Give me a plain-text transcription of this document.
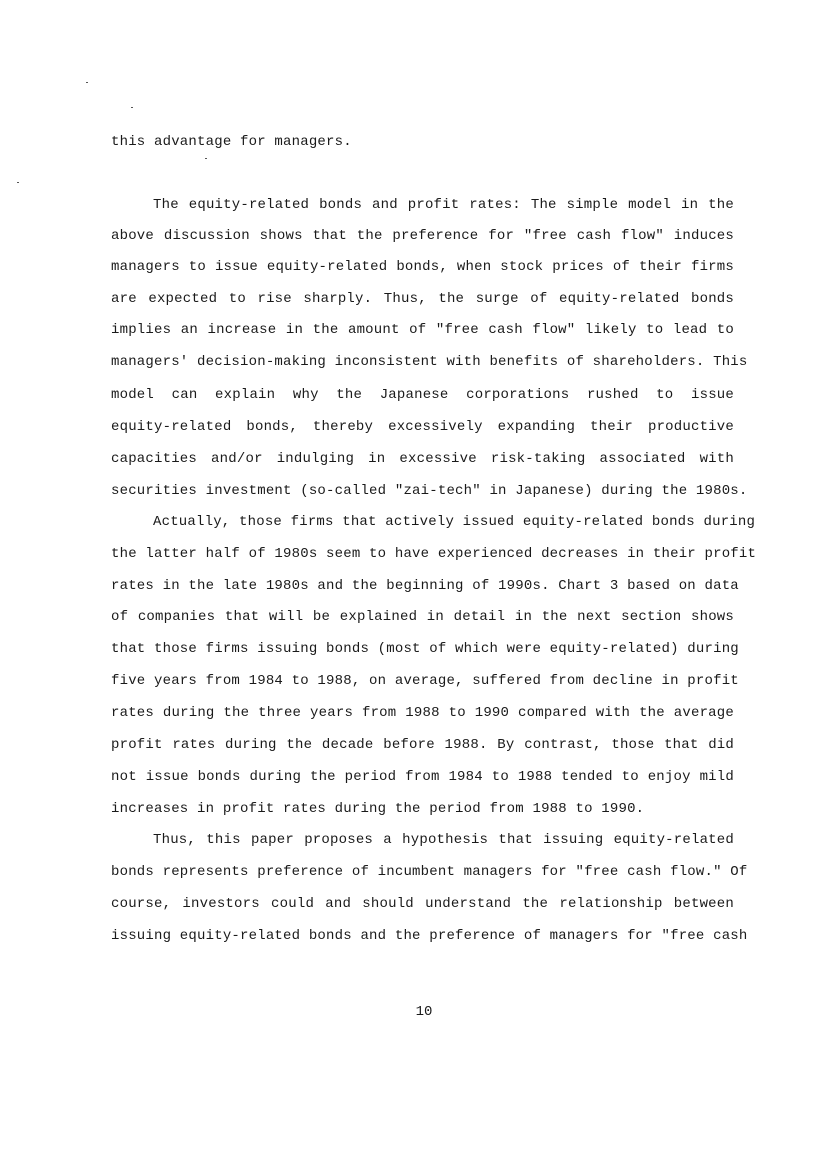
this advantage for managers.
The equity-related bonds and profit rates: The simple model in the
above discussion shows that the preference for "free cash flow" induces
managers to issue equity-related bonds, when stock prices of their firms
are expected to rise sharply. Thus, the surge of equity-related bonds
implies an increase in the amount of "free cash flow" likely to lead to
managers' decision-making inconsistent with benefits of shareholders. This
model can explain why the Japanese corporations rushed to issue
equity-related bonds, thereby excessively expanding their productive
capacities and/or indulging in excessive risk-taking associated with
securities investment (so-called "zai-tech" in Japanese) during the 1980s.
Actually, those firms that actively issued equity-related bonds during
the latter half of 1980s seem to have experienced decreases in their profit
rates in the late 1980s and the beginning of 1990s. Chart 3 based on data
of companies that will be explained in detail in the next section shows
that those firms issuing bonds (most of which were equity-related) during
five years from 1984 to 1988, on average, suffered from decline in profit
rates during the three years from 1988 to 1990 compared with the average
profit rates during the decade before 1988. By contrast, those that did
not issue bonds during the period from 1984 to 1988 tended to enjoy mild
increases in profit rates during the period from 1988 to 1990.
Thus, this paper proposes a hypothesis that issuing equity-related
bonds represents preference of incumbent managers for "free cash flow." Of
course, investors could and should understand the relationship between
issuing equity-related bonds and the preference of managers for "free cash
10
